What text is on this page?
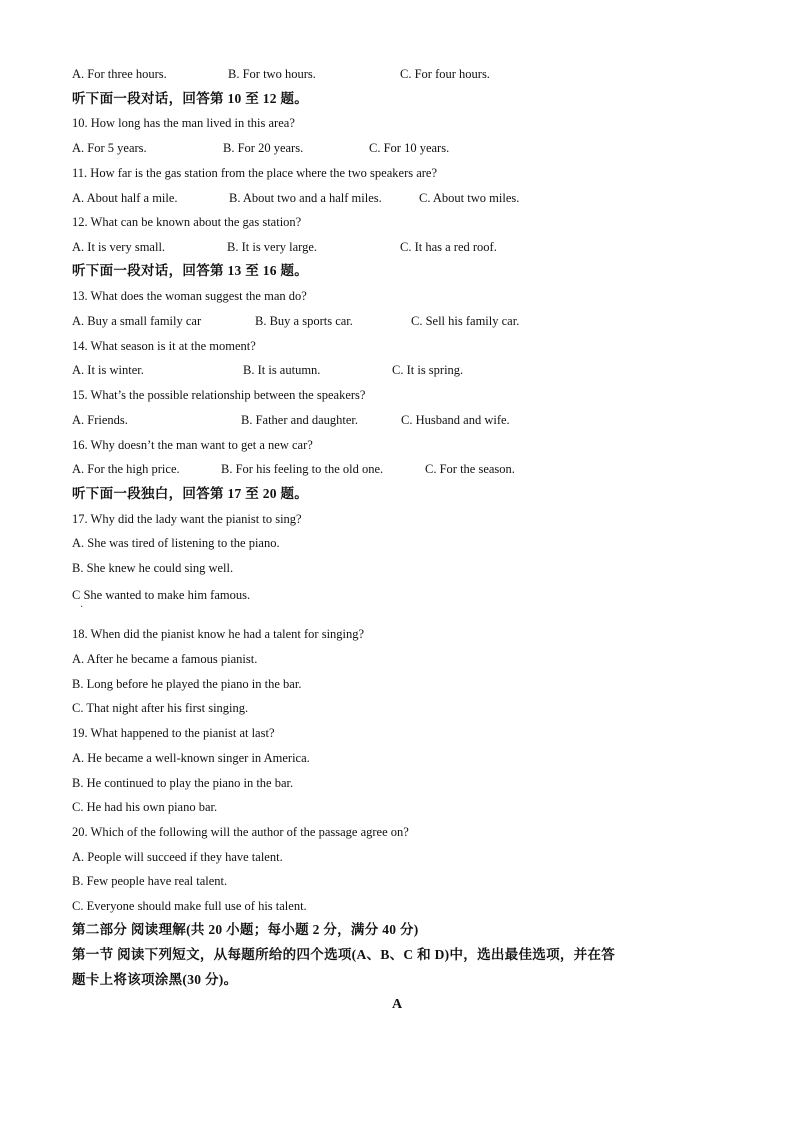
A. For three hours.	B. For two hours.	C. For four hours.
听下面一段对话，回答第 10 至 12 题。
10. How long has the man lived in this area?
A. For 5 years.	B. For 20 years.	C. For 10 years.
11. How far is the gas station from the place where the two speakers are?
A. About half a mile.	B. About two and a half miles.	C. About two miles.
12. What can be known about the gas station?
A. It is very small.	B. It is very large.	C. It has a red roof.
听下面一段对话，回答第 13 至 16 题。
13. What does the woman suggest the man do?
A. Buy a small family car	B. Buy a sports car.	C. Sell his family car.
14. What season is it at the moment?
A. It is winter.	B. It is autumn.	C. It is spring.
15. What’s the possible relationship between the speakers?
A. Friends.	B. Father and daughter.	C. Husband and wife.
16. Why doesn’t the man want to get a new car?
A. For the high price.	B. For his feeling to the old one.	C. For the season.
听下面一段独白，回答第 17 至 20 题。
17. Why did the lady want the pianist to sing?
A. She was tired of listening to the piano.
B. She knew he could sing well.
C She wanted to make him famous.
·
18. When did the pianist know he had a talent for singing?
A. After he became a famous pianist.
B. Long before he played the piano in the bar.
C. That night after his first singing.
19. What happened to the pianist at last?
A. He became a well-known singer in America.
B. He continued to play the piano in the bar.
C. He had his own piano bar.
20. Which of the following will the author of the passage agree on?
A. People will succeed if they have talent.
B. Few people have real talent.
C. Everyone should make full use of his talent.
第二部分 阅读理解(共 20 小题；每小题 2 分，满分 40 分)
第一节 阅读下列短文，从每题所给的四个选项(A、B、C 和 D)中，选出最佳选项，并在答
题卡上将该项涂黑(30 分)。
A
